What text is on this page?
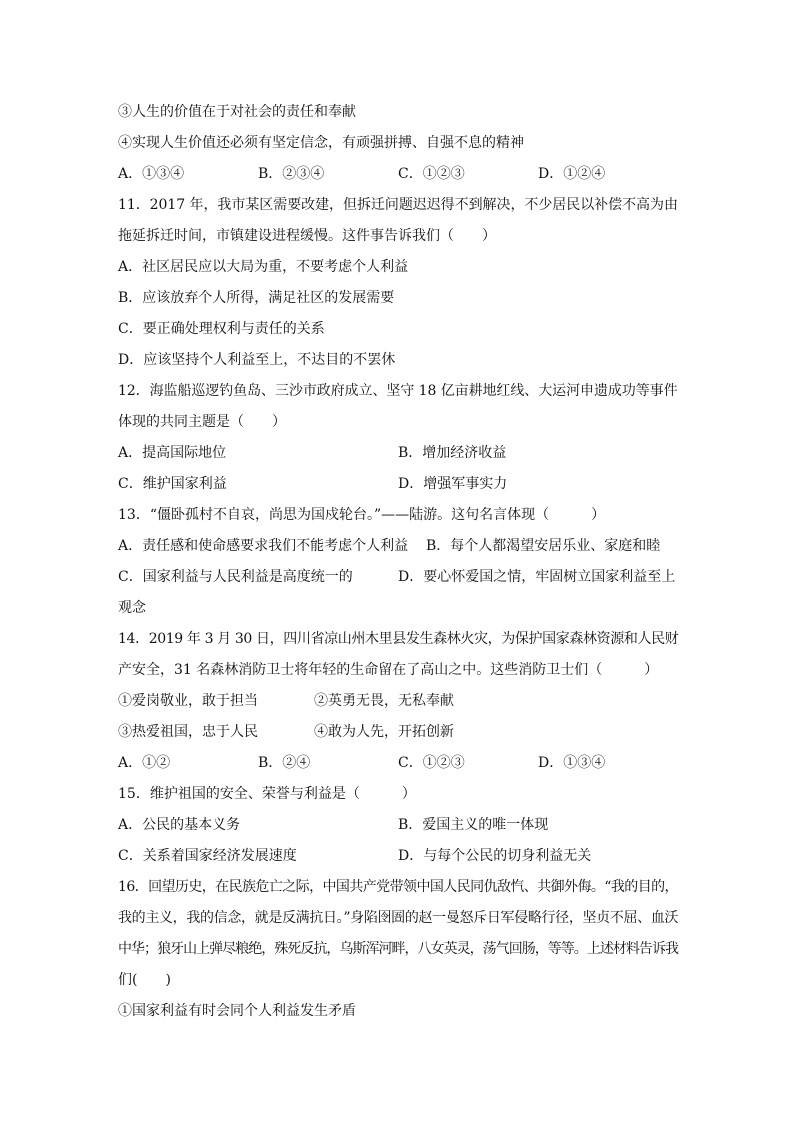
③人生的价值在于对社会的责任和奉献
④实现人生价值还必须有坚定信念，有顽强拼搏、自强不息的精神
A．①③④	B．②③④	C．①②③	D．①②④
11．2017 年，我市某区需要改建，但拆迁问题迟迟得不到解决，不少居民以补偿不高为由
拖延拆迁时间，市镇建设进程缓慢。这件事告诉我们（　　）
A．社区居民应以大局为重，不要考虑个人利益
B．应该放弃个人所得，满足社区的发展需要
C．要正确处理权利与责任的关系
D．应该坚持个人利益至上，不达目的不罢休
12．海监船巡逻钓鱼岛、三沙市政府成立、坚守 18 亿亩耕地红线、大运河申遗成功等事件
体现的共同主题是（　　）
A．提高国际地位	B．增加经济收益
C．维护国家利益	D．增强军事实力
13．“僵卧孤村不自哀，尚思为国戍轮台。”——陆游。这句名言体现（　　　）
A．责任感和使命感要求我们不能考虑个人利益	B．每个人都渴望安居乐业、家庭和睦
C．国家利益与人民利益是高度统一的	D．要心怀爱国之情，牢固树立国家利益至上
观念
14．2019 年 3 月 30 日，四川省凉山州木里县发生森林火灾，为保护国家森林资源和人民财
产安全，31 名森林消防卫士将年轻的生命留在了高山之中。这些消防卫士们（　　　）
①爱岗敬业，敢于担当	②英勇无畏，无私奉献
③热爱祖国，忠于人民	④敢为人先，开拓创新
A．①②	B．②④	C．①②③	D．①③④
15．维护祖国的安全、荣誉与利益是（　　　）
A．公民的基本义务	B．爱国主义的唯一体现
C．关系着国家经济发展速度	D．与每个公民的切身利益无关
16．回望历史，在民族危亡之际，中国共产党带领中国人民同仇敌忾、共御外侮。“我的目的，
我的主义，我的信念，就是反满抗日。”身陷囹圄的赵一曼怒斥日军侵略行径，坚贞不屈、血沃
中华；狼牙山上弹尽粮绝，殊死反抗，乌斯浑河畔，八女英灵，荡气回肠，等等。上述材料告诉我
们(　　)
①国家利益有时会同个人利益发生矛盾
